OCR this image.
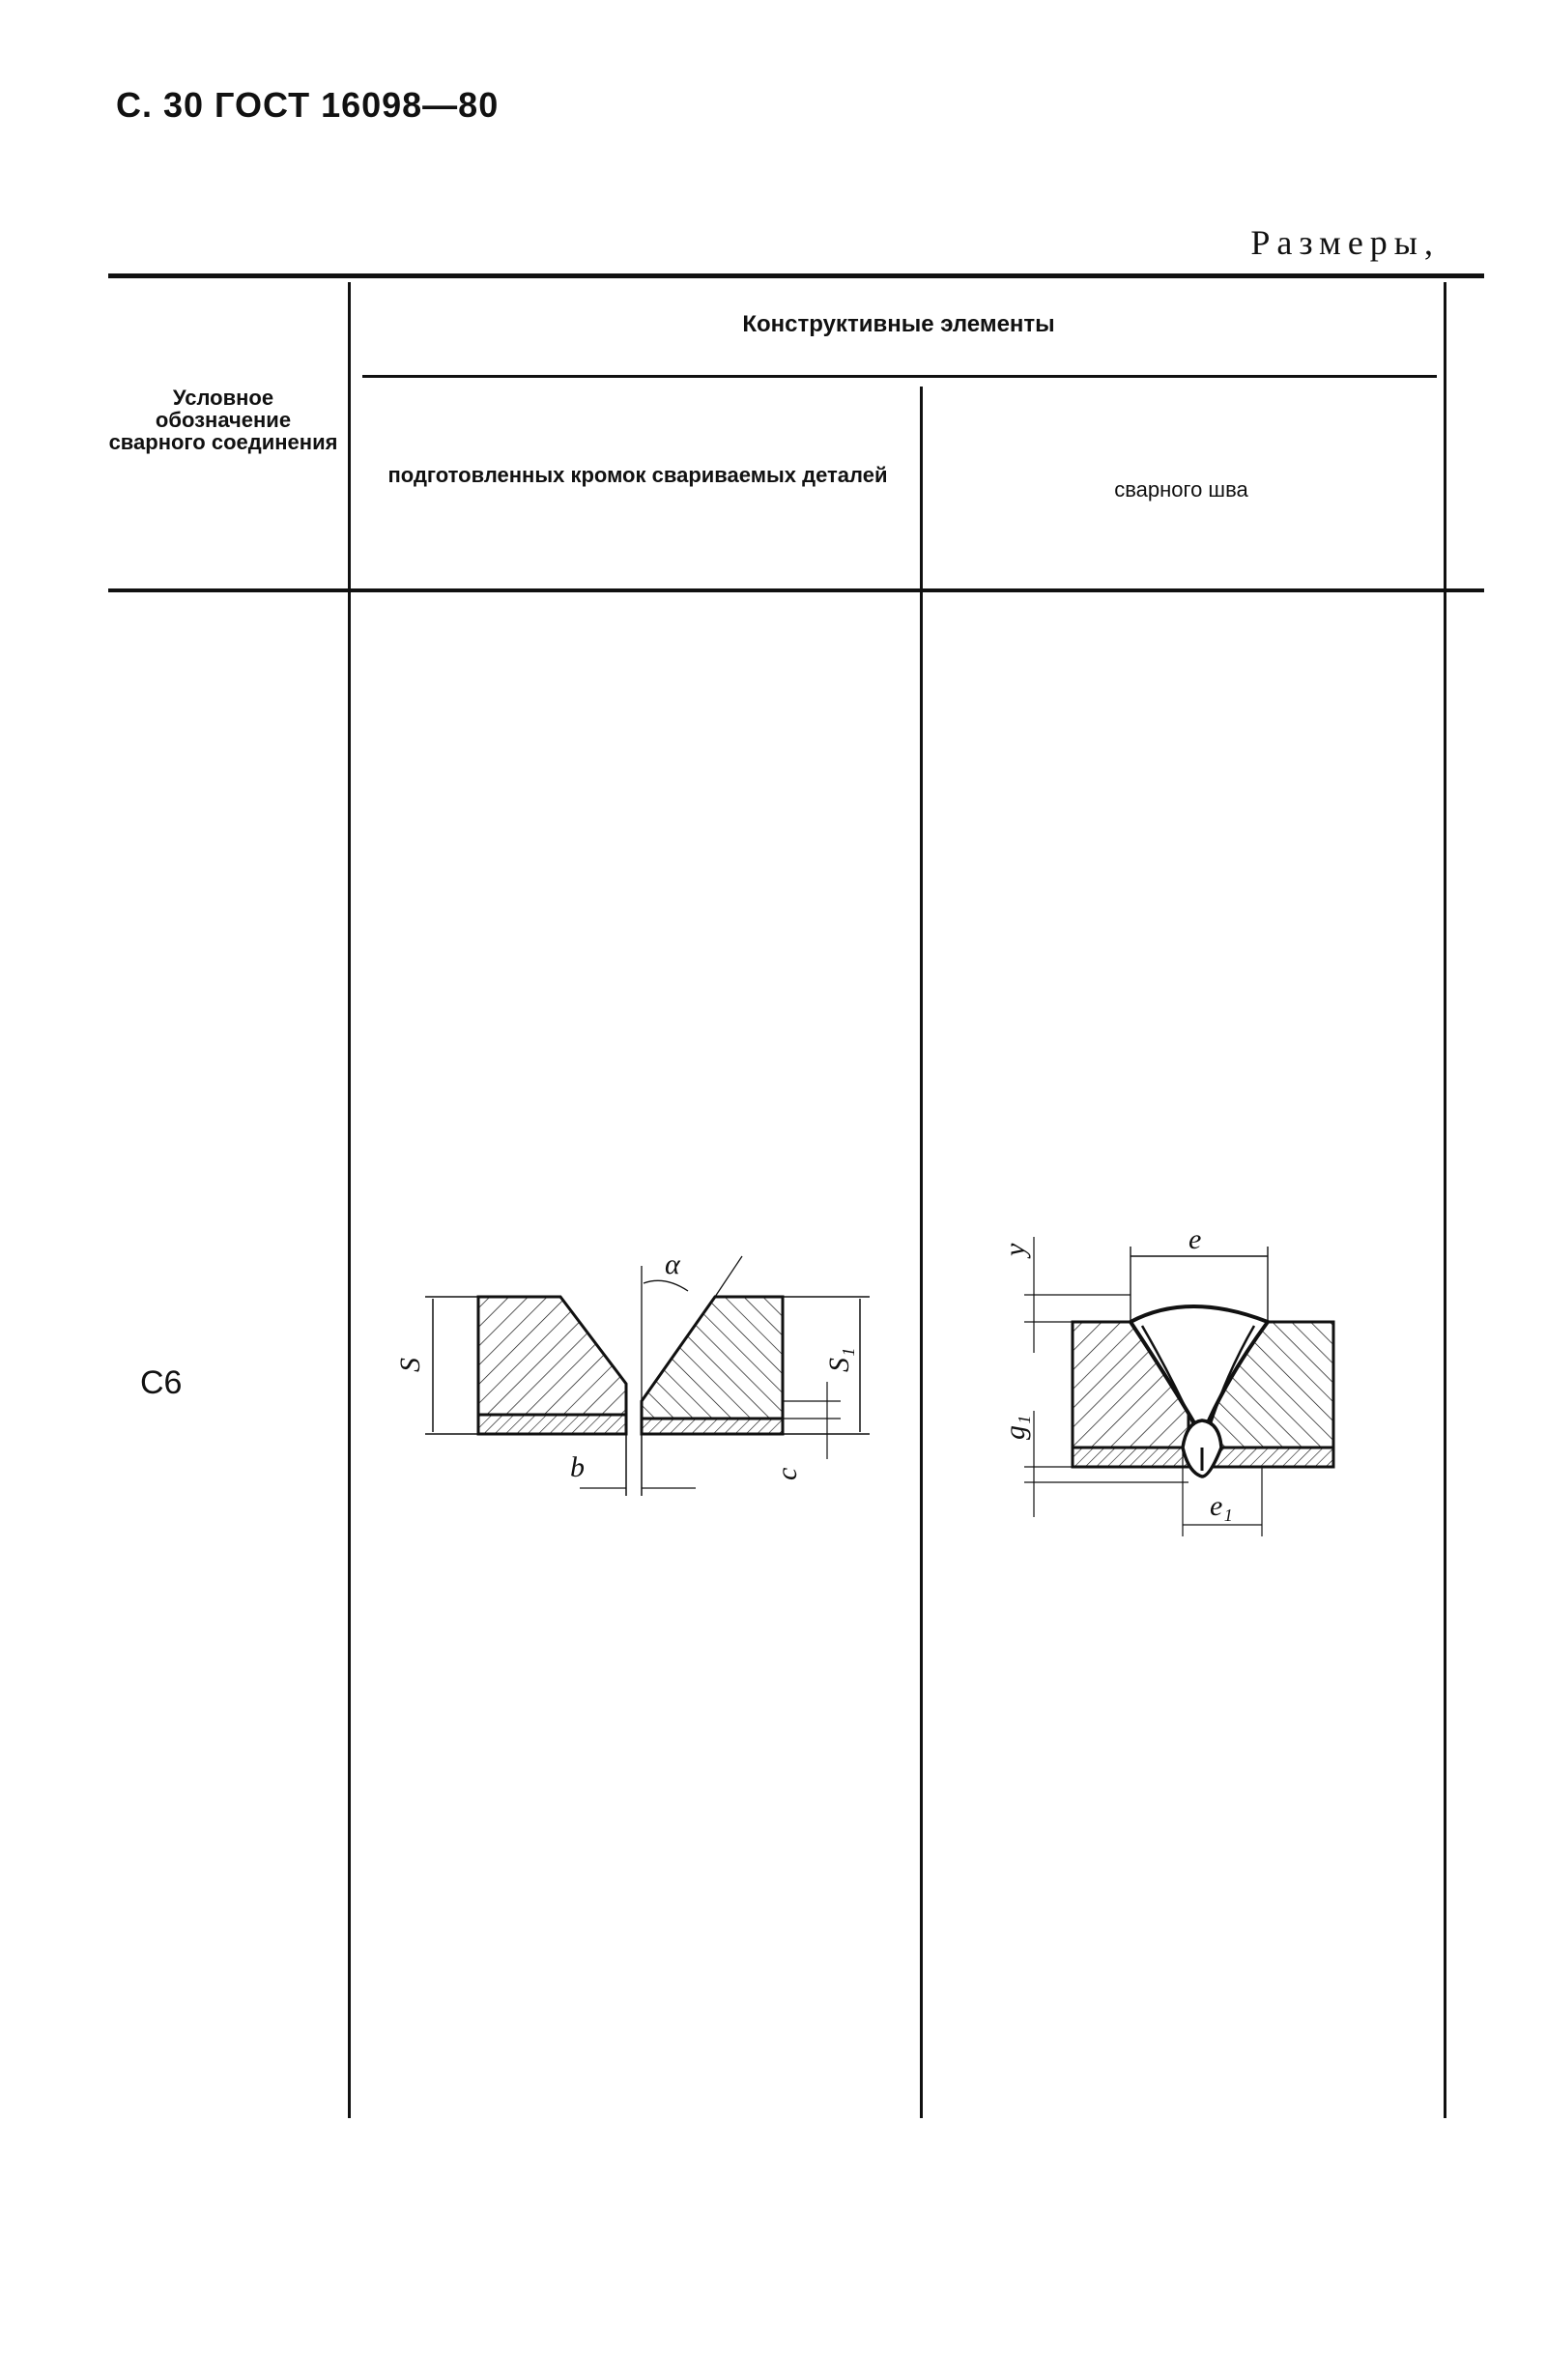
С. 30 ГОСТ 16098—80
Размеры,
Конструктивные элементы
Условное обозначение сварного соединения
подготовленных кромок свариваемых деталей
сварного шва
С6	S	S₁
c
b
α
e
y
g₁
e₁
